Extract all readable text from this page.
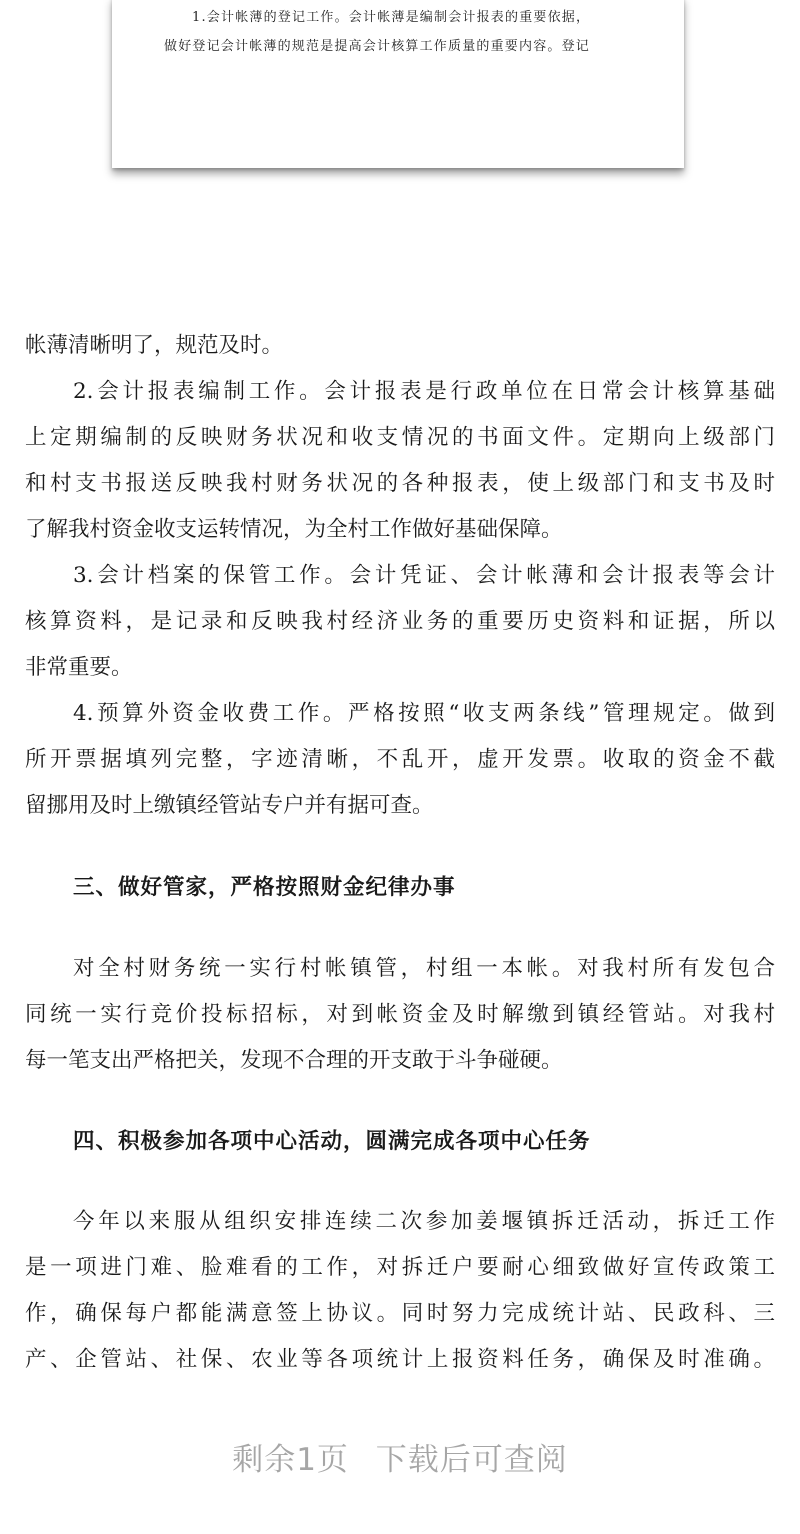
1.会计帐薄的登记工作。会计帐薄是编制会计报表的重要依据，
做好登记会计帐薄的规范是提高会计核算工作质量的重要内容。登记
帐薄清晰明了，规范及时。
2.会计报表编制工作。会计报表是行政单位在日常会计核算基础
上定期编制的反映财务状况和收支情况的书面文件。定期向上级部门
和村支书报送反映我村财务状况的各种报表，使上级部门和支书及时
了解我村资金收支运转情况，为全村工作做好基础保障。
3.会计档案的保管工作。会计凭证、会计帐薄和会计报表等会计
核算资料，是记录和反映我村经济业务的重要历史资料和证据，所以
非常重要。
4.预算外资金收费工作。严格按照“收支两条线”管理规定。做到
所开票据填列完整，字迹清晰，不乱开，虚开发票。收取的资金不截
留挪用及时上缴镇经管站专户并有据可查。
三、做好管家，严格按照财金纪律办事
对全村财务统一实行村帐镇管，村组一本帐。对我村所有发包合
同统一实行竞价投标招标，对到帐资金及时解缴到镇经管站。对我村
每一笔支出严格把关，发现不合理的开支敢于斗争碰硬。
四、积极参加各项中心活动，圆满完成各项中心任务
今年以来服从组织安排连续二次参加姜堰镇拆迁活动，拆迁工作
是一项进门难、脸难看的工作，对拆迁户要耐心细致做好宣传政策工
作，确保每户都能满意签上协议。同时努力完成统计站、民政科、三
产、企管站、社保、农业等各项统计上报资料任务，确保及时准确。
剩余1页 下载后可查阅
